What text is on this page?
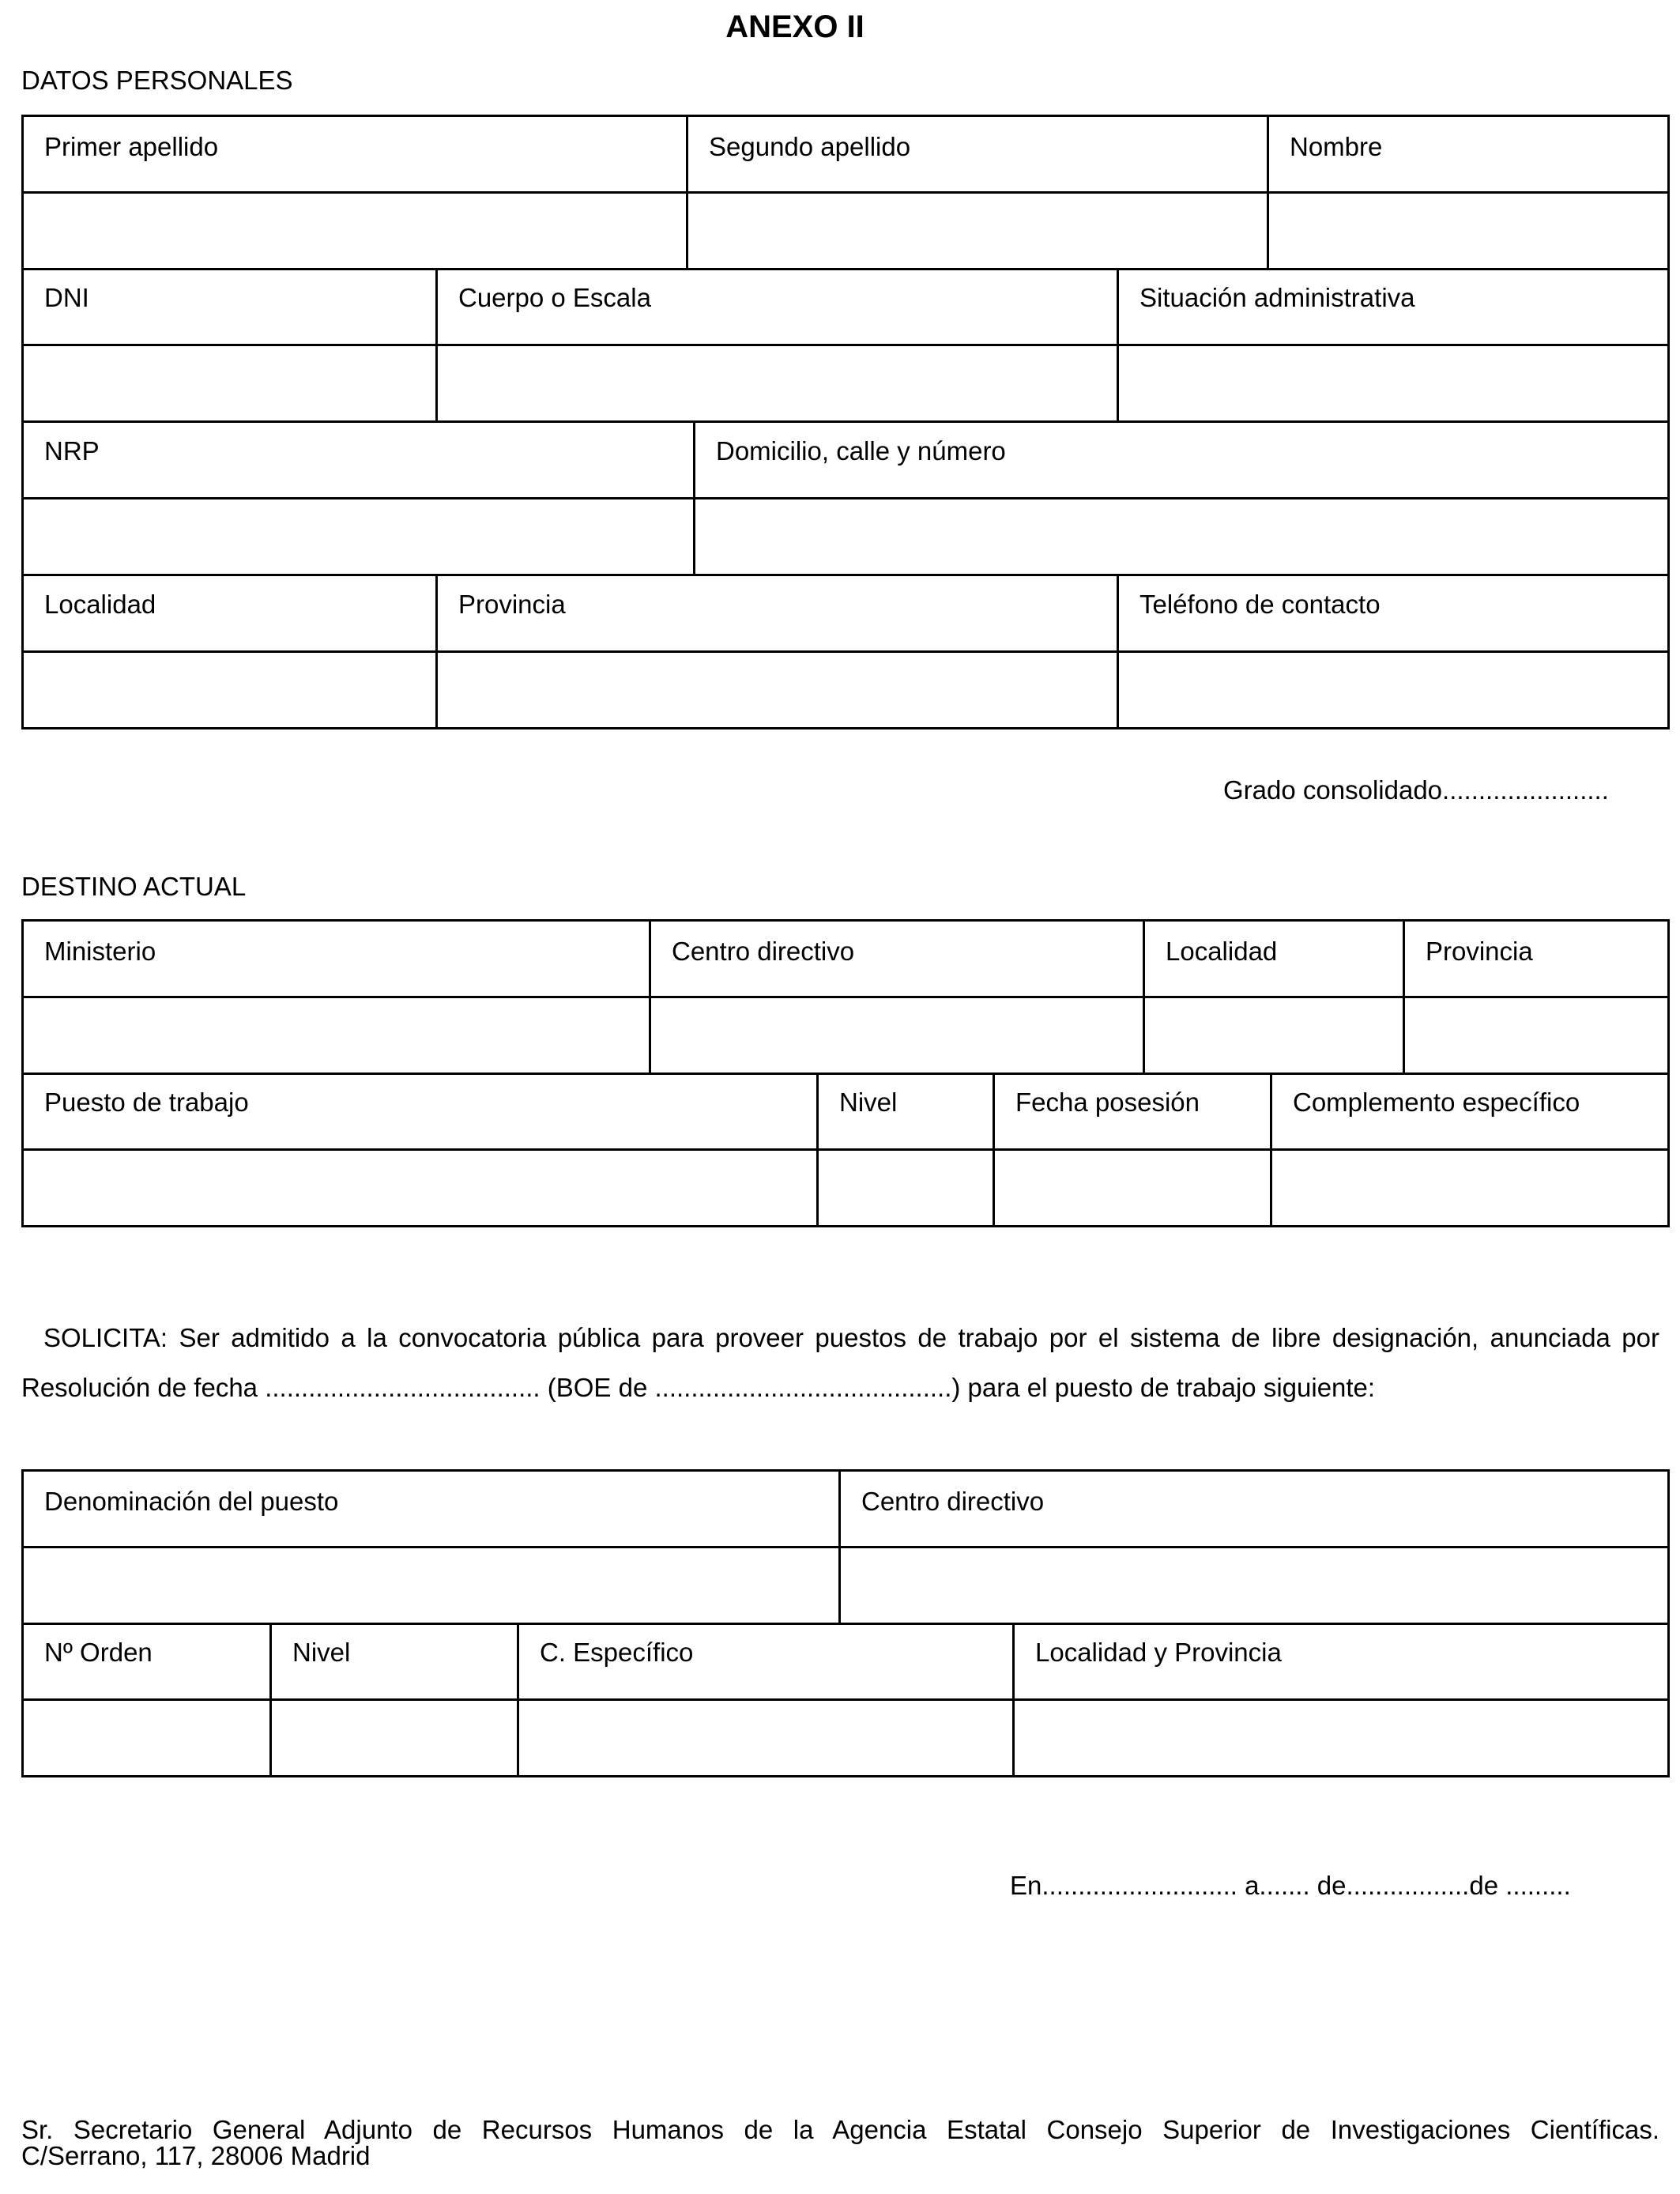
ANEXO II
DATOS PERSONALES
Primer apellido	Segundo apellido	Nombre

DNI	Cuerpo o Escala	Situación administrativa

NRP	Domicilio, calle y número

Localidad	Provincia	Teléfono de contacto

Grado consolidado.......................
DESTINO ACTUAL
Ministerio	Centro directivo	Localidad	Provincia

Puesto de trabajo	Nivel	Fecha posesión	Complemento específico

SOLICITA: Ser admitido a la convocatoria pública para proveer puestos de trabajo por el sistema de libre designación, anunciada por Resolución de fecha ...................................... (BOE de .........................................) para el puesto de trabajo siguiente:
Denominación del puesto	Centro directivo

Nº Orden	Nivel	C. Específico	Localidad y Provincia

En........................... a....... de.................de .........
Sr. Secretario General Adjunto de Recursos Humanos de la Agencia Estatal Consejo Superior de Investigaciones Científicas.
C/Serrano, 117, 28006 Madrid
